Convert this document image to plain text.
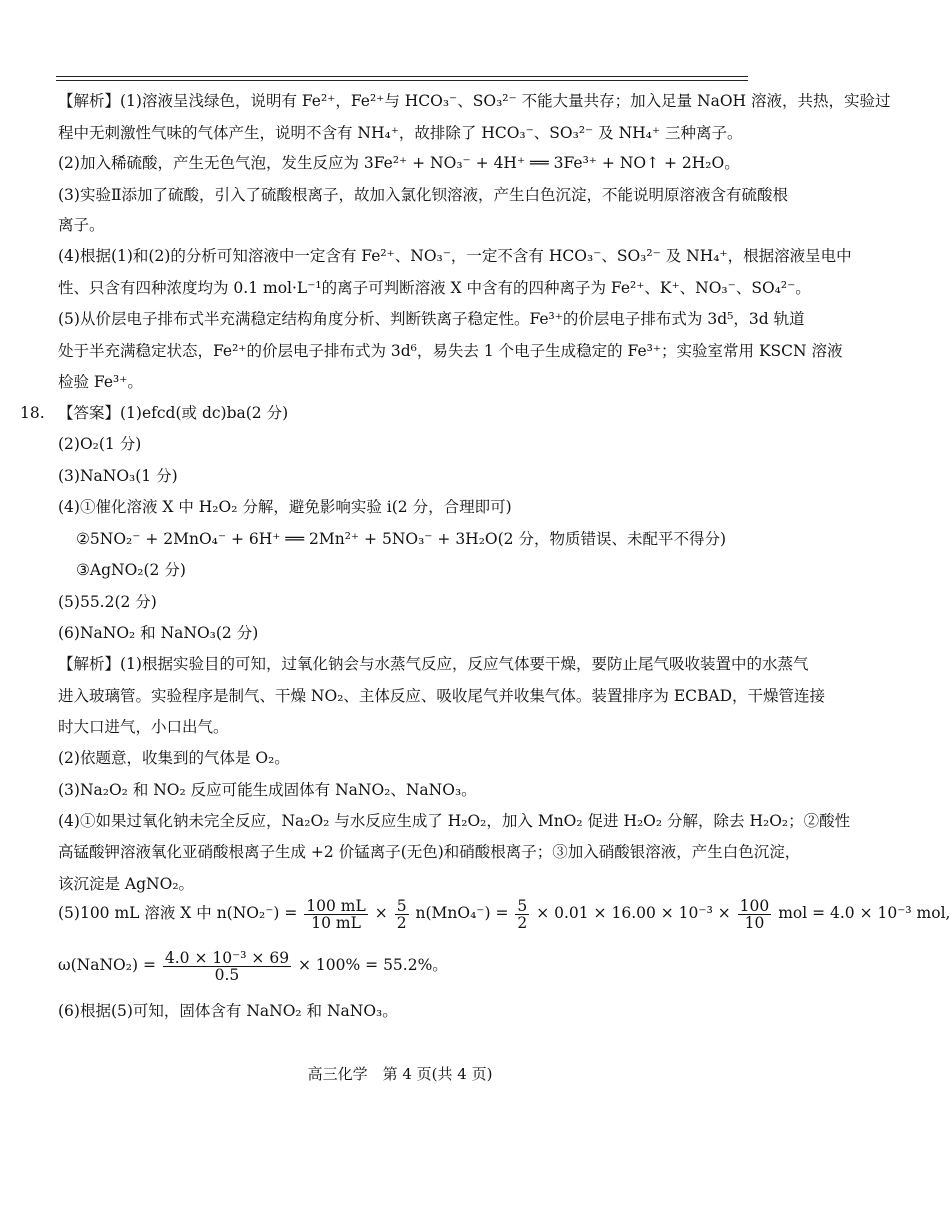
【解析】(1)溶液呈浅绿色，说明有 Fe²⁺，Fe²⁺与 HCO₃⁻、SO₃²⁻ 不能大量共存；加入足量 NaOH 溶液，共热，实验过
程中无刺激性气味的气体产生，说明不含有 NH₄⁺，故排除了 HCO₃⁻、SO₃²⁻ 及 NH₄⁺ 三种离子。
(2)加入稀硫酸，产生无色气泡，发生反应为 3Fe²⁺ + NO₃⁻ + 4H⁺ ══ 3Fe³⁺ + NO↑ + 2H₂O。
(3)实验Ⅱ添加了硫酸，引入了硫酸根离子，故加入氯化钡溶液，产生白色沉淀，不能说明原溶液含有硫酸根
离子。
(4)根据(1)和(2)的分析可知溶液中一定含有 Fe²⁺、NO₃⁻，一定不含有 HCO₃⁻、SO₃²⁻ 及 NH₄⁺，根据溶液呈电中
性、只含有四种浓度均为 0.1 mol·L⁻¹的离子可判断溶液 X 中含有的四种离子为 Fe²⁺、K⁺、NO₃⁻、SO₄²⁻。
(5)从价层电子排布式半充满稳定结构角度分析、判断铁离子稳定性。Fe³⁺的价层电子排布式为 3d⁵，3d 轨道
处于半充满稳定状态，Fe²⁺的价层电子排布式为 3d⁶，易失去 1 个电子生成稳定的 Fe³⁺；实验室常用 KSCN 溶液
检验 Fe³⁺。
18. 【答案】(1)efcd(或 dc)ba(2 分)
(2)O₂(1 分)
(3)NaNO₃(1 分)
(4)①催化溶液 X 中 H₂O₂ 分解，避免影响实验 i(2 分，合理即可)
②5NO₂⁻ + 2MnO₄⁻ + 6H⁺ ══ 2Mn²⁺ + 5NO₃⁻ + 3H₂O(2 分，物质错误、未配平不得分)
③AgNO₂(2 分)
(5)55.2(2 分)
(6)NaNO₂ 和 NaNO₃(2 分)
【解析】(1)根据实验目的可知，过氧化钠会与水蒸气反应，反应气体要干燥，要防止尾气吸收装置中的水蒸气
进入玻璃管。实验程序是制气、干燥 NO₂、主体反应、吸收尾气并收集气体。装置排序为 ECBAD，干燥管连接
时大口进气，小口出气。
(2)依题意，收集到的气体是 O₂。
(3)Na₂O₂ 和 NO₂ 反应可能生成固体有 NaNO₂、NaNO₃。
(4)①如果过氧化钠未完全反应，Na₂O₂ 与水反应生成了 H₂O₂，加入 MnO₂ 促进 H₂O₂ 分解，除去 H₂O₂；②酸性
高锰酸钾溶液氧化亚硝酸根离子生成 +2 价锰离子(无色)和硝酸根离子；③加入硝酸银溶液，产生白色沉淀，
该沉淀是 AgNO₂。
(5)100 mL 溶液 X 中 $n(NO_2^-) = \frac{100 mL}{10 mL} \times \frac{5}{2} n(MnO_4^-) = \frac{5}{2} \times 0.01 \times 16.00 \times 10^{-3} \times \frac{100}{10}$ mol = 4.0 × 10⁻³ mol,
ω(NaNO₂) = $\frac{\text{4.0 × 10⁻³ × 69}}{0.5} \times 100\% = 55.2\%$。
(6)根据(5)可知，固体含有 NaNO₂ 和 NaNO₃。
高三化学　第 4 页(共 4 页)
